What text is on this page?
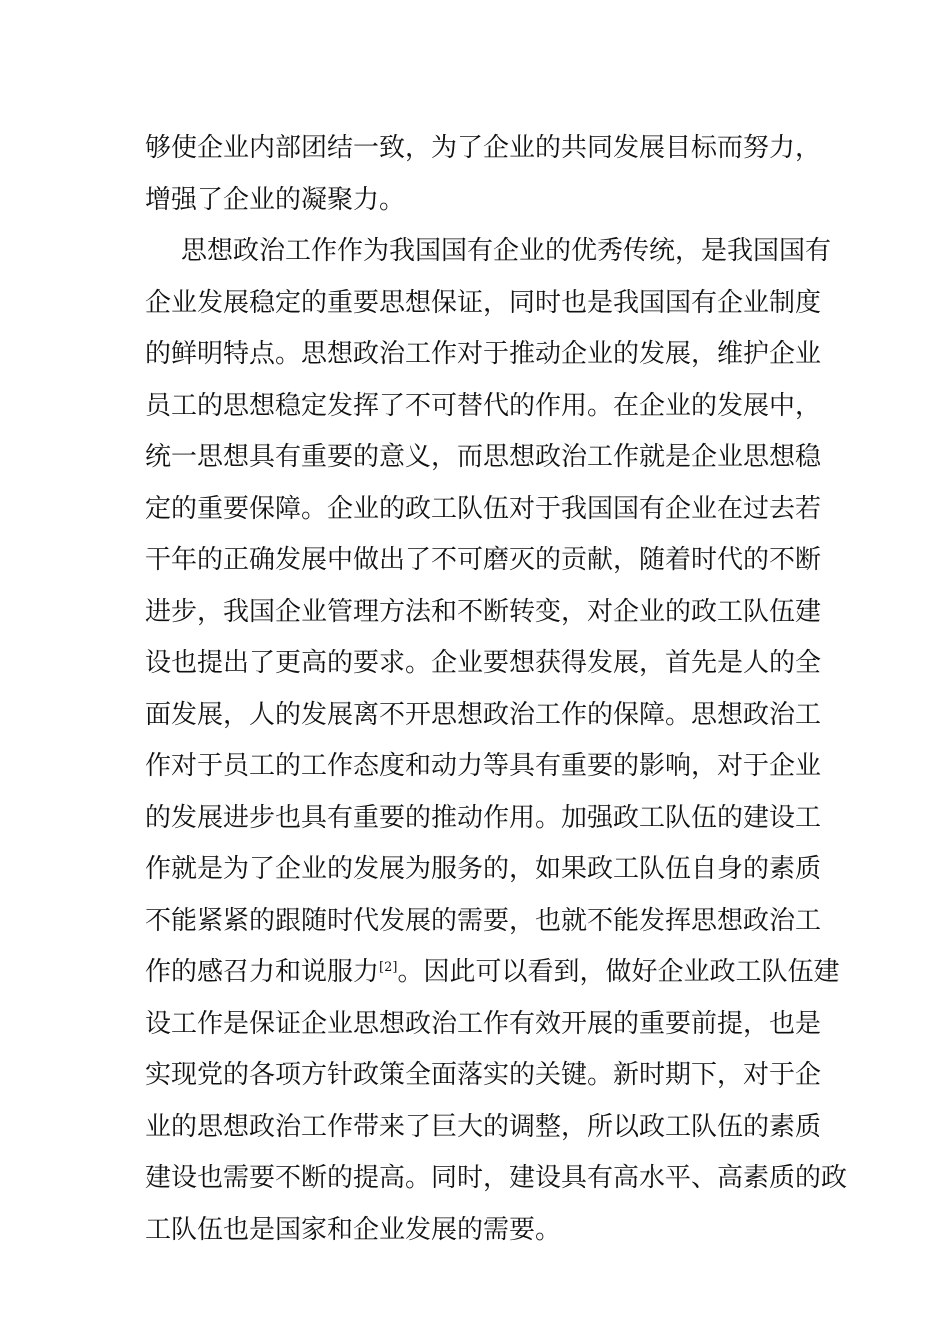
够使企业内部团结一致，为了企业的共同发展目标而努力，
增强了企业的凝聚力。
思想政治工作作为我国国有企业的优秀传统，是我国国有
企业发展稳定的重要思想保证，同时也是我国国有企业制度
的鲜明特点。思想政治工作对于推动企业的发展，维护企业
员工的思想稳定发挥了不可替代的作用。在企业的发展中，
统一思想具有重要的意义，而思想政治工作就是企业思想稳
定的重要保障。企业的政工队伍对于我国国有企业在过去若
干年的正确发展中做出了不可磨灭的贡献，随着时代的不断
进步，我国企业管理方法和不断转变，对企业的政工队伍建
设也提出了更高的要求。企业要想获得发展，首先是人的全
面发展，人的发展离不开思想政治工作的保障。思想政治工
作对于员工的工作态度和动力等具有重要的影响，对于企业
的发展进步也具有重要的推动作用。加强政工队伍的建设工
作就是为了企业的发展为服务的，如果政工队伍自身的素质
不能紧紧的跟随时代发展的需要，也就不能发挥思想政治工
作的感召力和说服力[2]。因此可以看到，做好企业政工队伍建
设工作是保证企业思想政治工作有效开展的重要前提，也是
实现党的各项方针政策全面落实的关键。新时期下，对于企
业的思想政治工作带来了巨大的调整，所以政工队伍的素质
建设也需要不断的提高。同时，建设具有高水平、高素质的政
工队伍也是国家和企业发展的需要。
